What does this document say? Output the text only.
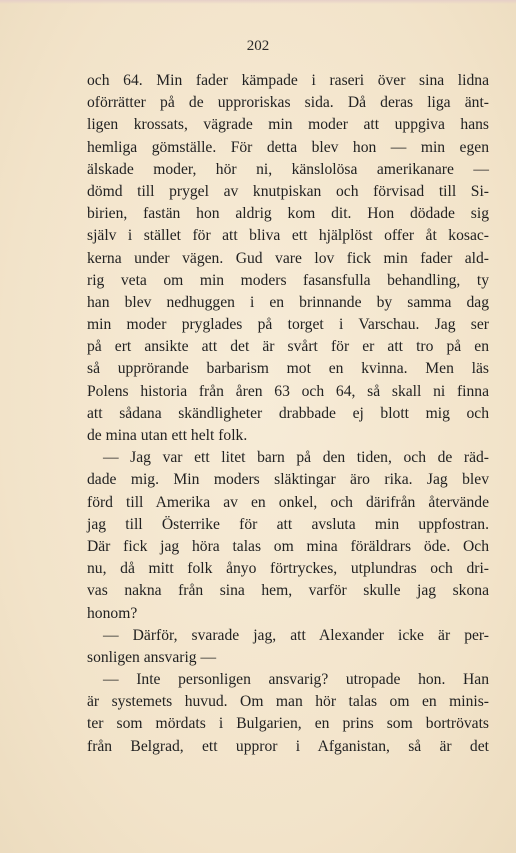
202

och 64. Min fader kämpade i raseri över sina lidna
oförrätter på de upproriskas sida. Då deras liga änt-
ligen krossats, vägrade min moder att uppgiva hans
hemliga gömställe. För detta blev hon — min egen
älskade moder, hör ni, känslolösa amerikanare —
dömd till prygel av knutpiskan och förvisad till Si-
birien, fastän hon aldrig kom dit. Hon dödade sig
själv i stället för att bliva ett hjälplöst offer åt kosac-
kerna under vägen. Gud vare lov fick min fader ald-
rig veta om min moders fasansfulla behandling, ty
han blev nedhuggen i en brinnande by samma dag
min moder pryglades på torget i Varschau. Jag ser
på ert ansikte att det är svårt för er att tro på en
så upprörande barbarism mot en kvinna. Men läs
Polens historia från åren 63 och 64, så skall ni finna
att sådana skändligheter drabbade ej blott mig och
de mina utan ett helt folk.
— Jag var ett litet barn på den tiden, och de räd-
dade mig. Min moders släktingar äro rika. Jag blev
förd till Amerika av en onkel, och därifrån återvände
jag till Österrike för att avsluta min uppfostran.
Där fick jag höra talas om mina föräldrars öde. Och
nu, då mitt folk ånyo förtryckes, utplundras och dri-
vas nakna från sina hem, varför skulle jag skona
honom?
— Därför, svarade jag, att Alexander icke är per-
sonligen ansvarig —
— Inte personligen ansvarig? utropade hon. Han
är systemets huvud. Om man hör talas om en minis-
ter som mördats i Bulgarien, en prins som bortrövats
från Belgrad, ett uppror i Afganistan, så är det
